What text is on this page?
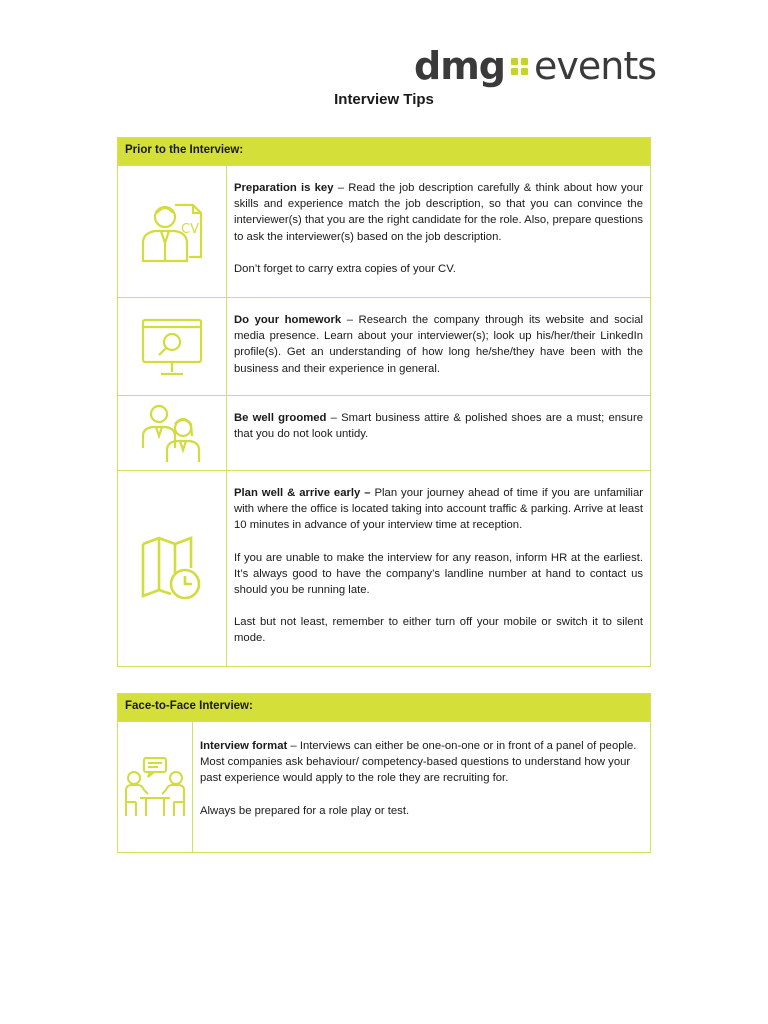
dmg events
Interview Tips
Prior to the Interview:	

CV	Preparation is key – Read the job description carefully & think about how your skills and experience match the job description, so that you can convince the interviewer(s) that you are the right candidate for the role. Also, prepare questions to ask the interviewer(s) based on the job description.

Don’t forget to carry extra copies of your CV.

Do your homework – Research the company through its website and social media presence. Learn about your interviewer(s); look up his/her/their LinkedIn profile(s). Get an understanding of how long he/she/they have been with the business and their experience in general.

Be well groomed – Smart business attire & polished shoes are a must; ensure that you do not look untidy.

Plan well & arrive early – Plan your journey ahead of time if you are unfamiliar with where the office is located taking into account traffic & parking. Arrive at least 10 minutes in advance of your interview time at reception.

If you are unable to make the interview for any reason, inform HR at the earliest. It’s always good to have the company’s landline number at hand to contact us should you be running late.

Last but not least, remember to either turn off your mobile or switch it to silent mode.

Face-to-Face Interview:

Interview format – Interviews can either be one-on-one or in front of a panel of people. Most companies ask behaviour/ competency-based questions to understand how your past experience would apply to the role they are recruiting for.

Always be prepared for a role play or test.
